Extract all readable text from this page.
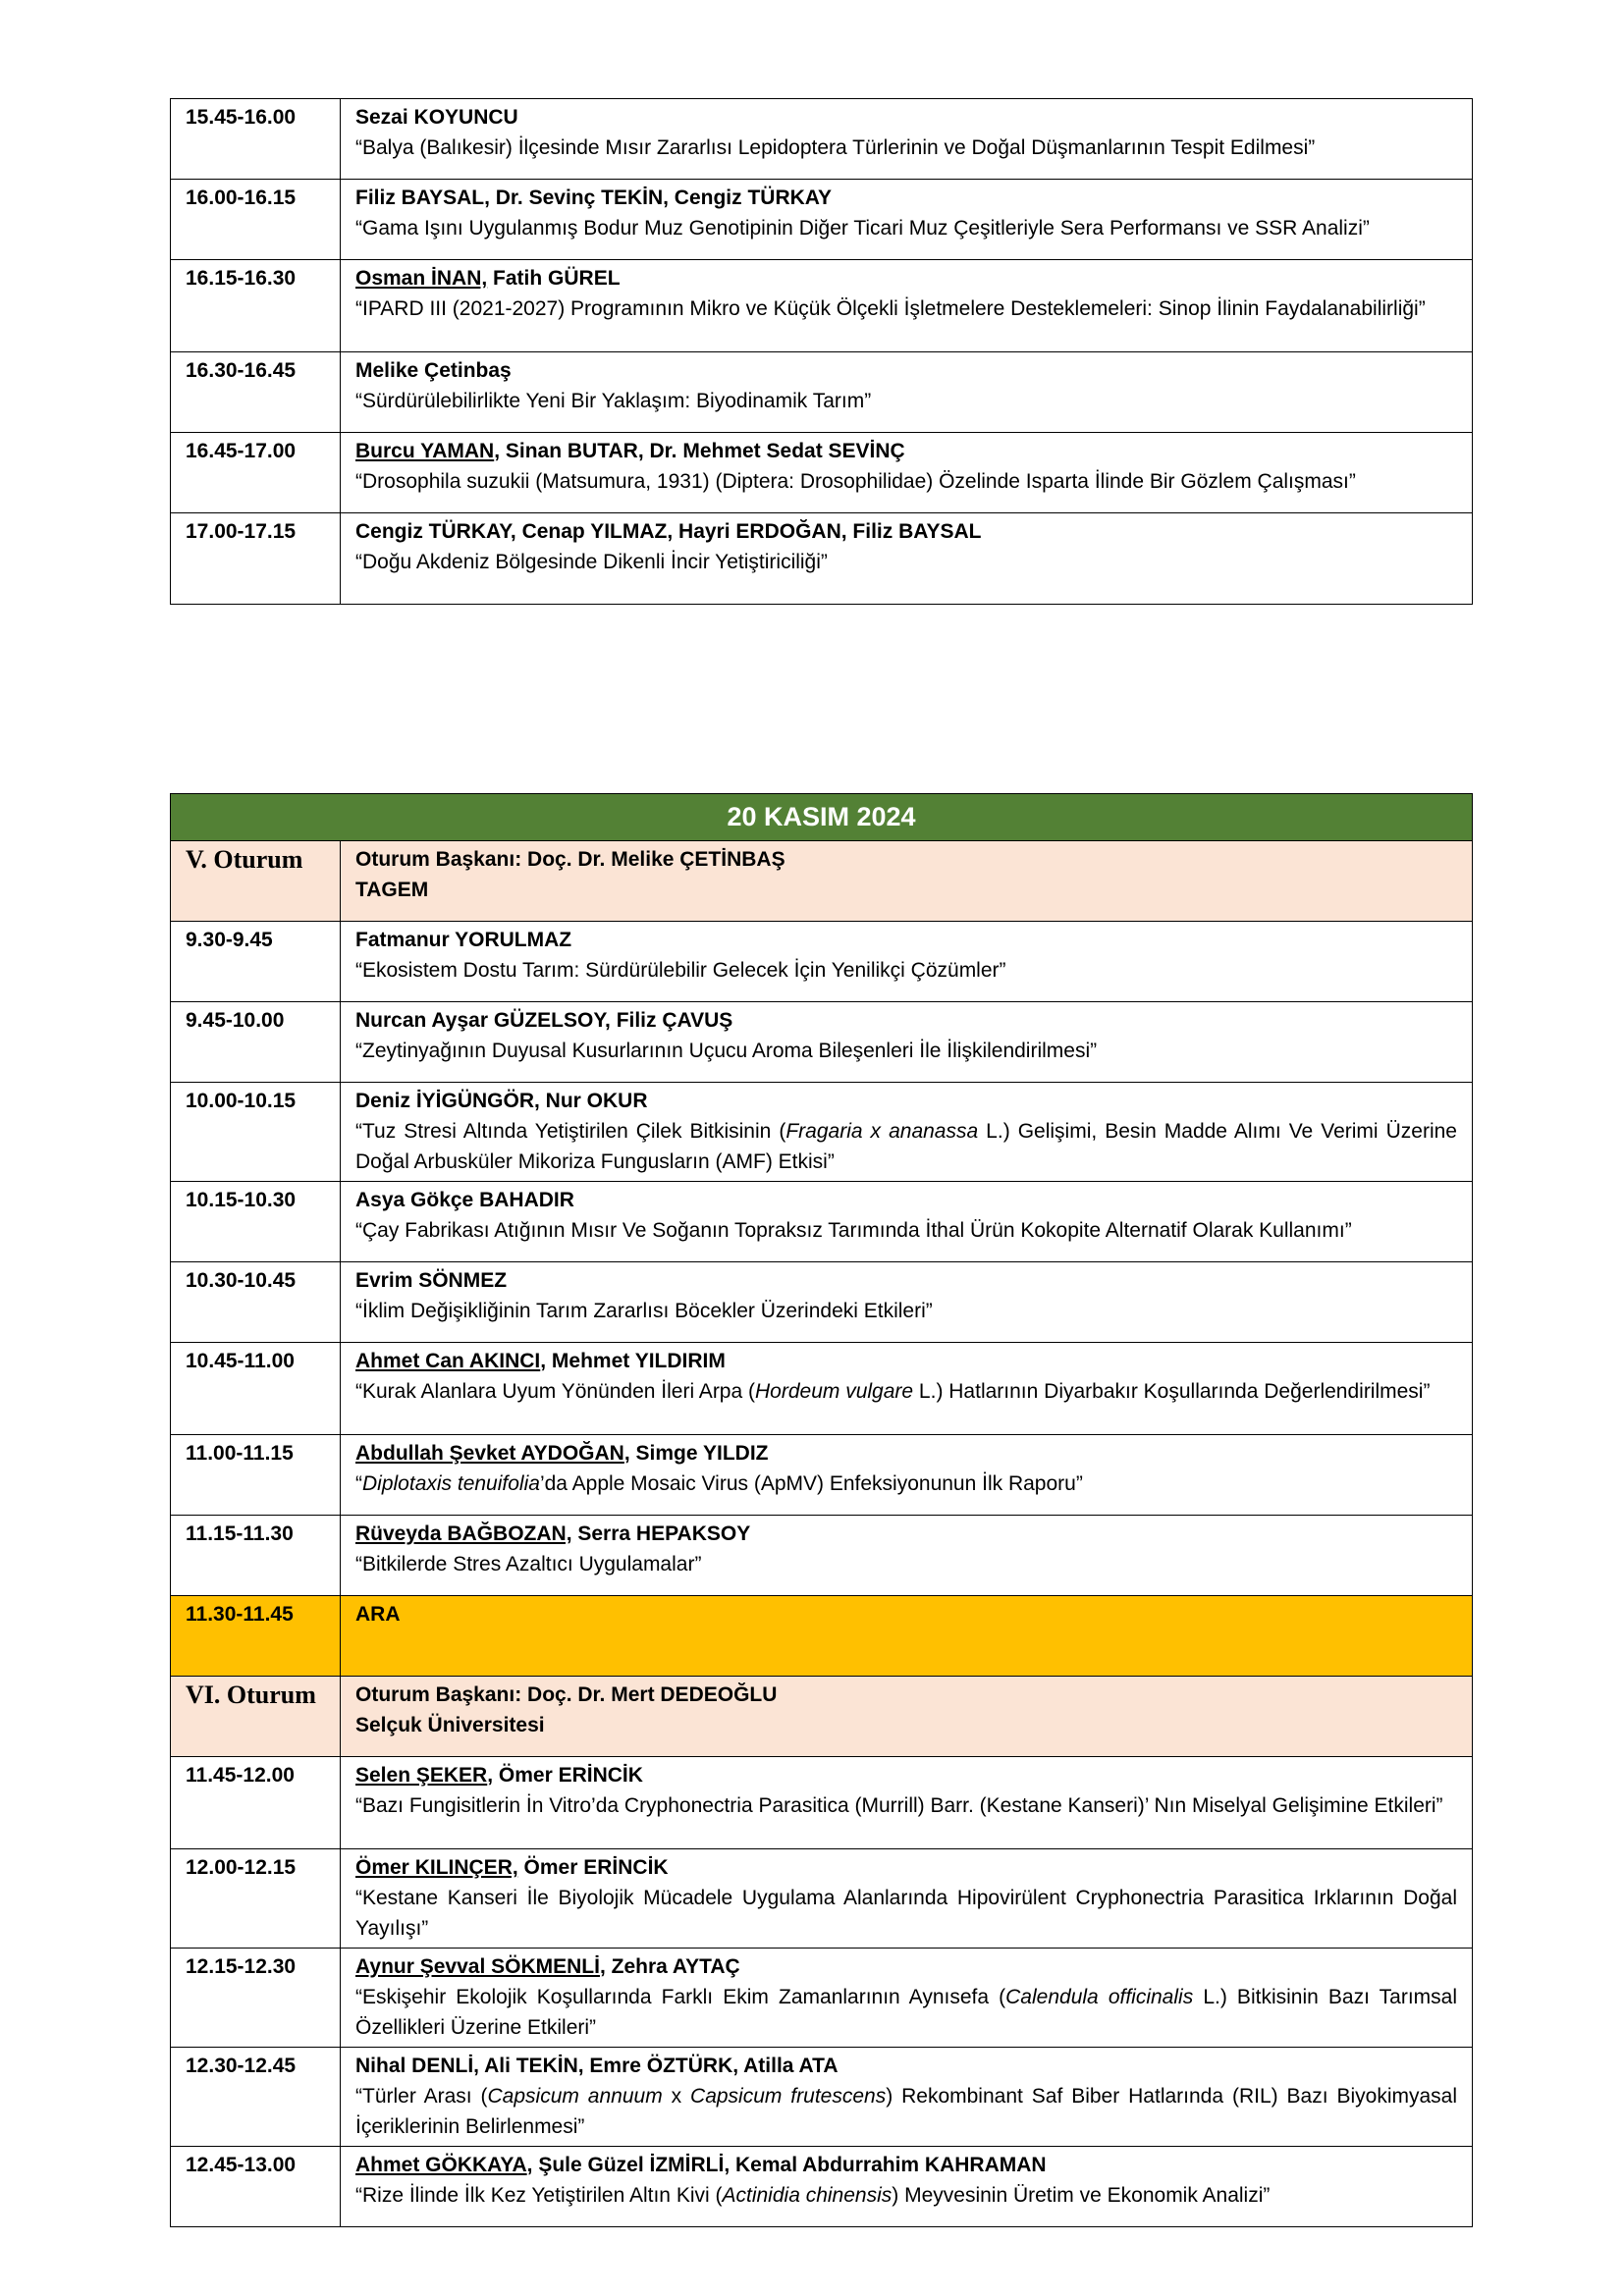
15.45-16.00	Sezai KOYUNCU
“Balya (Balıkesir) İlçesinde Mısır Zararlısı Lepidoptera Türlerinin ve Doğal Düşmanlarının Tespit Edilmesi”

16.00-16.15	Filiz BAYSAL, Dr. Sevinç TEKİN, Cengiz TÜRKAY
“Gama Işını Uygulanmış Bodur Muz Genotipinin Diğer Ticari Muz Çeşitleriyle Sera Performansı ve SSR Analizi”

16.15-16.30	Osman İNAN, Fatih GÜREL
“IPARD III (2021-2027) Programının Mikro ve Küçük Ölçekli İşletmelere Desteklemeleri: Sinop İlinin Faydalanabilirliği”

16.30-16.45	Melike Çetinbaş
“Sürdürülebilirlikte Yeni Bir Yaklaşım: Biyodinamik Tarım”

16.45-17.00	Burcu YAMAN, Sinan BUTAR, Dr. Mehmet Sedat SEVİNÇ
“Drosophila suzukii (Matsumura, 1931) (Diptera: Drosophilidae) Özelinde Isparta İlinde Bir Gözlem Çalışması”

17.00-17.15	Cengiz TÜRKAY, Cenap YILMAZ, Hayri ERDOĞAN, Filiz BAYSAL
“Doğu Akdeniz Bölgesinde Dikenli İncir Yetiştiriciliği”
20 KASIM 2024	
V. Oturum	Oturum Başkanı: Doç. Dr. Melike ÇETİNBAŞ
TAGEM

9.30-9.45	Fatmanur YORULMAZ
“Ekosistem Dostu Tarım: Sürdürülebilir Gelecek İçin Yenilikçi Çözümler”

9.45-10.00	Nurcan Ayşar GÜZELSOY, Filiz ÇAVUŞ
“Zeytinyağının Duyusal Kusurlarının Uçucu Aroma Bileşenleri İle İlişkilendirilmesi”

10.00-10.15	Deniz İYİGÜNGÖR, Nur OKUR
“Tuz Stresi Altında Yetiştirilen Çilek Bitkisinin (Fragaria x ananassa L.) Gelişimi, Besin Madde Alımı Ve Verimi Üzerine Doğal Arbusküler Mikoriza Fungusların (AMF) Etkisi”

10.15-10.30	Asya Gökçe BAHADIR
“Çay Fabrikası Atığının Mısır Ve Soğanın Topraksız Tarımında İthal Ürün Kokopite Alternatif Olarak Kullanımı”

10.30-10.45	Evrim SÖNMEZ
“İklim Değişikliğinin Tarım Zararlısı Böcekler Üzerindeki Etkileri”

10.45-11.00	Ahmet Can AKINCI, Mehmet YILDIRIM
“Kurak Alanlara Uyum Yönünden İleri Arpa (Hordeum vulgare L.) Hatlarının Diyarbakır Koşullarında Değerlendirilmesi”

11.00-11.15	Abdullah Şevket AYDOĞAN, Simge YILDIZ
“Diplotaxis tenuifolia’da Apple Mosaic Virus (ApMV) Enfeksiyonunun İlk Raporu”

11.15-11.30	Rüveyda BAĞBOZAN, Serra HEPAKSOY
“Bitkilerde Stres Azaltıcı Uygulamalar”

11.30-11.45	ARA
VI. Oturum	Oturum Başkanı: Doç. Dr. Mert DEDEOĞLU
Selçuk Üniversitesi

11.45-12.00	Selen ŞEKER, Ömer ERİNCİK
“Bazı Fungisitlerin İn Vitro’da Cryphonectria Parasitica (Murrill) Barr. (Kestane Kanseri)’ Nın Miselyal Gelişimine Etkileri”

12.00-12.15	Ömer KILINÇER, Ömer ERİNCİK
“Kestane Kanseri İle Biyolojik Mücadele Uygulama Alanlarında Hipovirülent Cryphonectria Parasitica Irklarının Doğal Yayılışı”

12.15-12.30	Aynur Şevval SÖKMENLİ, Zehra AYTAÇ
“Eskişehir Ekolojik Koşullarında Farklı Ekim Zamanlarının Aynısefa (Calendula officinalis L.) Bitkisinin Bazı Tarımsal Özellikleri Üzerine Etkileri”

12.30-12.45	Nihal DENLİ, Ali TEKİN, Emre ÖZTÜRK, Atilla ATA
“Türler Arası (Capsicum annuum x Capsicum frutescens) Rekombinant Saf Biber Hatlarında (RIL) Bazı Biyokimyasal İçeriklerinin Belirlenmesi”

12.45-13.00	Ahmet GÖKKAYA, Şule Güzel İZMİRLİ, Kemal Abdurrahim KAHRAMAN
“Rize İlinde İlk Kez Yetiştirilen Altın Kivi (Actinidia chinensis) Meyvesinin Üretim ve Ekonomik Analizi”
